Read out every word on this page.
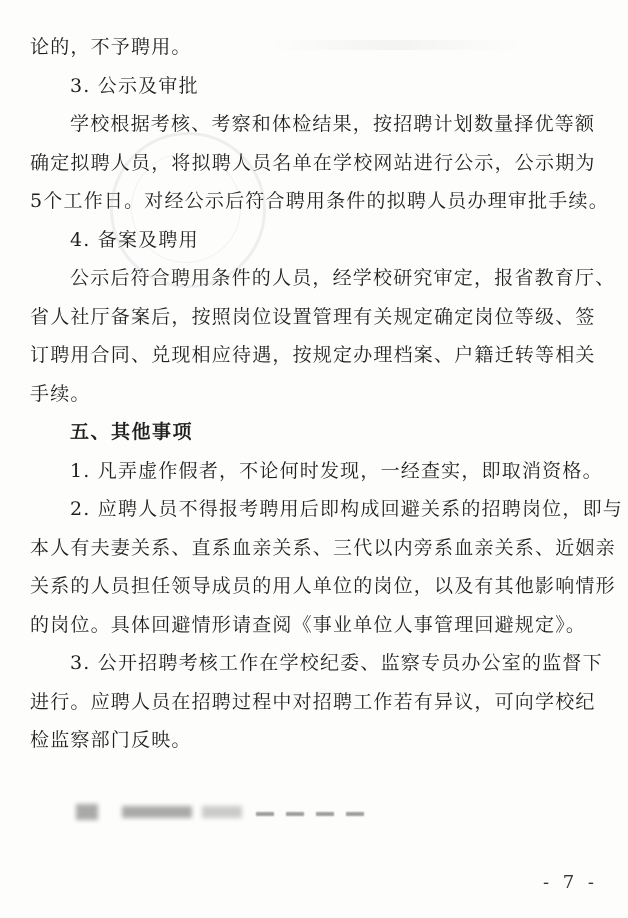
论的，不予聘用。
3. 公示及审批
学校根据考核、考察和体检结果，按招聘计划数量择优等额
确定拟聘人员，将拟聘人员名单在学校网站进行公示，公示期为
5个工作日。对经公示后符合聘用条件的拟聘人员办理审批手续。
4. 备案及聘用
公示后符合聘用条件的人员，经学校研究审定，报省教育厅、
省人社厅备案后，按照岗位设置管理有关规定确定岗位等级、签
订聘用合同、兑现相应待遇，按规定办理档案、户籍迁转等相关
手续。
五、其他事项
1. 凡弄虚作假者，不论何时发现，一经查实，即取消资格。
2. 应聘人员不得报考聘用后即构成回避关系的招聘岗位，即与
本人有夫妻关系、直系血亲关系、三代以内旁系血亲关系、近姻亲
关系的人员担任领导成员的用人单位的岗位，以及有其他影响情形
的岗位。具体回避情形请查阅《事业单位人事管理回避规定》。
3. 公开招聘考核工作在学校纪委、监察专员办公室的监督下
进行。应聘人员在招聘过程中对招聘工作若有异议，可向学校纪
检监察部门反映。
- 7 -
